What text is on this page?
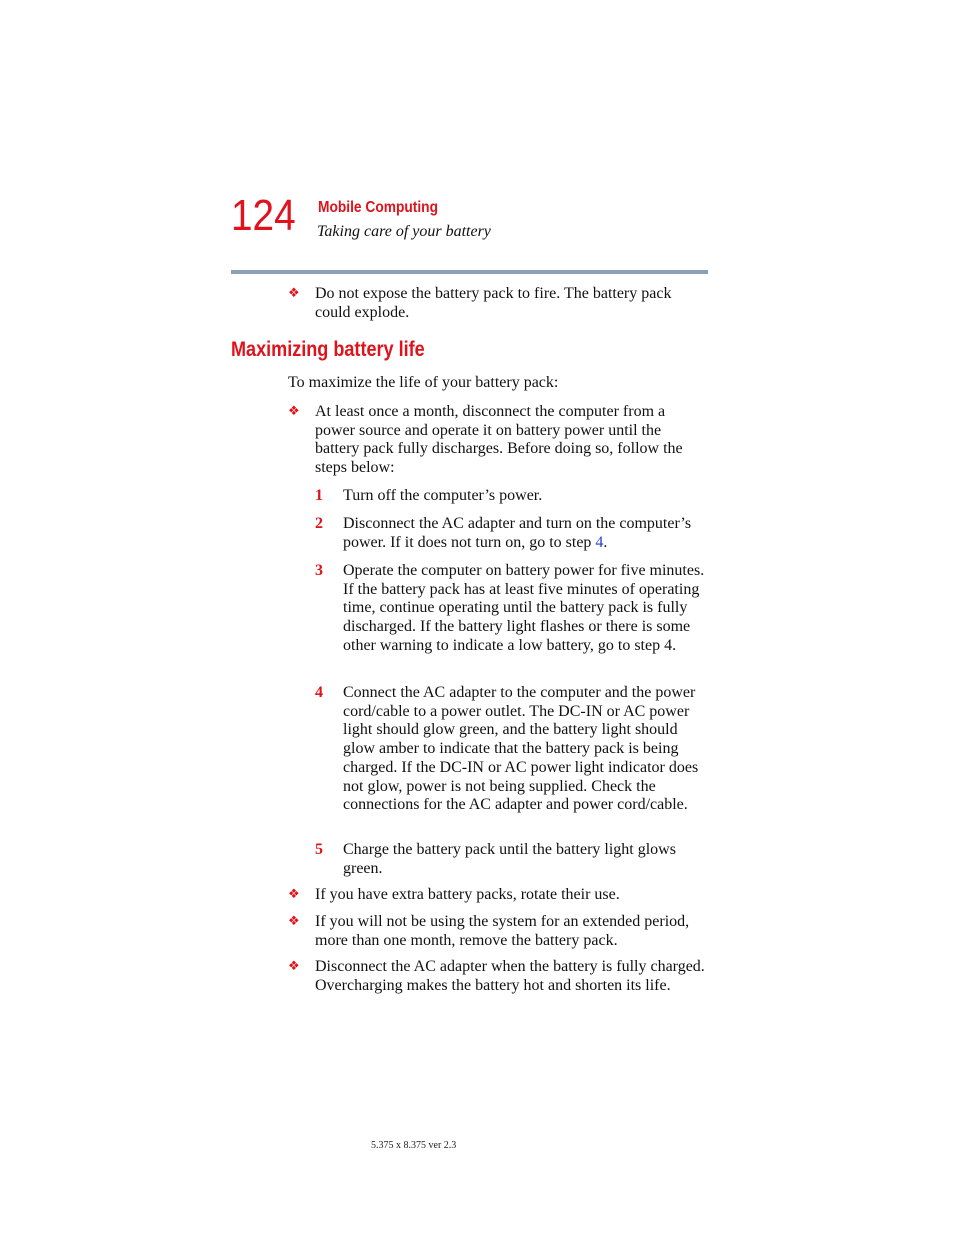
124 Mobile Computing
Taking care of your battery
❖ Do not expose the battery pack to fire. The battery pack could explode.
Maximizing battery life
To maximize the life of your battery pack:
❖ At least once a month, disconnect the computer from a power source and operate it on battery power until the battery pack fully discharges. Before doing so, follow the steps below:
1 Turn off the computer’s power.
2 Disconnect the AC adapter and turn on the computer’s power. If it does not turn on, go to step 4.
3 Operate the computer on battery power for five minutes. If the battery pack has at least five minutes of operating time, continue operating until the battery pack is fully discharged. If the battery light flashes or there is some other warning to indicate a low battery, go to step 4.
4 Connect the AC adapter to the computer and the power cord/cable to a power outlet. The DC-IN or AC power light should glow green, and the battery light should glow amber to indicate that the battery pack is being charged. If the DC-IN or AC power light indicator does not glow, power is not being supplied. Check the connections for the AC adapter and power cord/cable.
5 Charge the battery pack until the battery light glows green.
❖ If you have extra battery packs, rotate their use.
❖ If you will not be using the system for an extended period, more than one month, remove the battery pack.
❖ Disconnect the AC adapter when the battery is fully charged. Overcharging makes the battery hot and shorten its life.
5.375 x 8.375 ver 2.3
